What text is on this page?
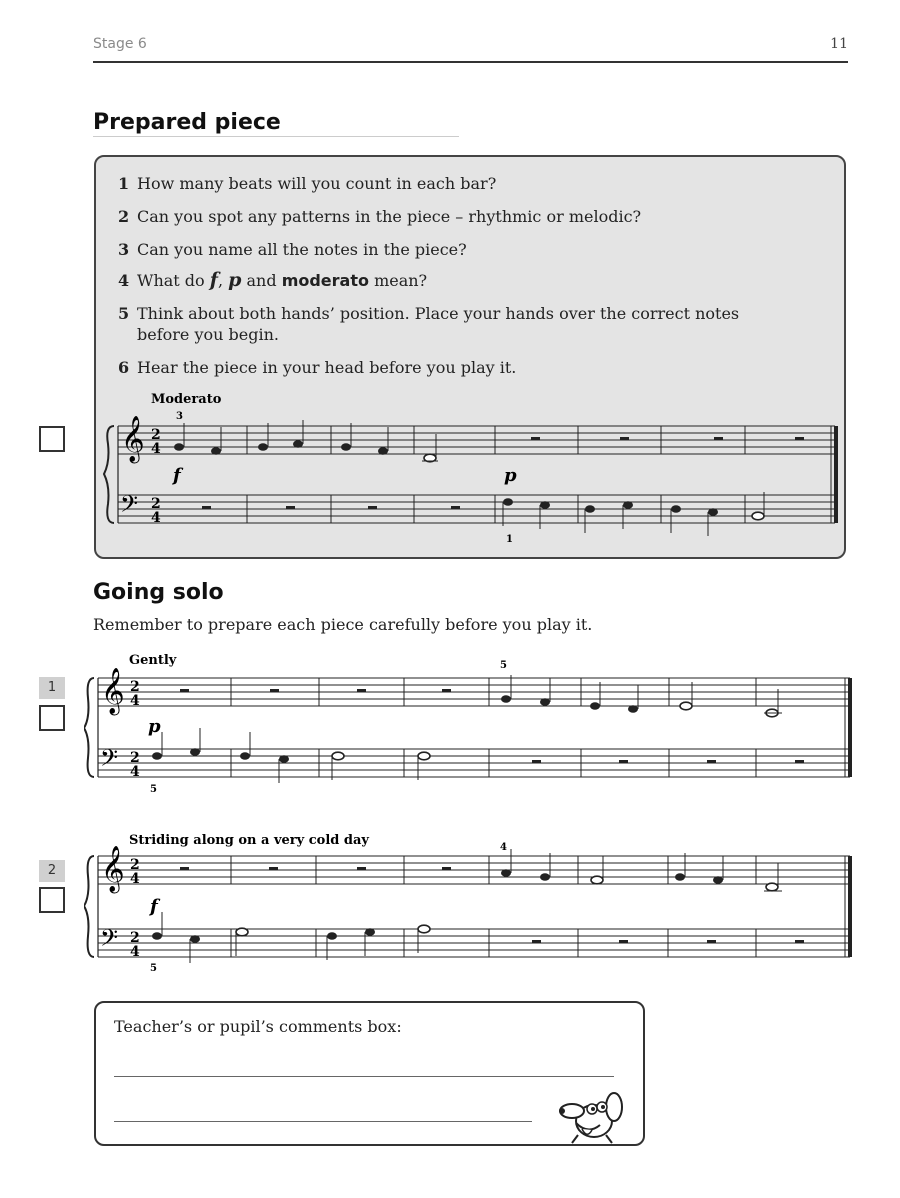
Stage 6	11
Prepared piece
1 How many beats will you count in each bar?
2 Can you spot any patterns in the piece – rhythmic or melodic?
3 Can you name all the notes in the piece?
4 What do f, p and moderato mean?
5 Think about both hands’ position. Place your hands over the correct notes before you begin.
6 Hear the piece in your head before you play it.
Moderato
3
1
𝄞
𝄢
2
4
2
4
f	p
Going solo
Remember to prepare each piece carefully before you play it.
1
Gently	5
5
𝄞
𝄢
2
4
2
4
p
2
Striding along on a very cold day	4
5
𝄞
𝄢
2
4
2
4
f
Teacher’s or pupil’s comments box:
